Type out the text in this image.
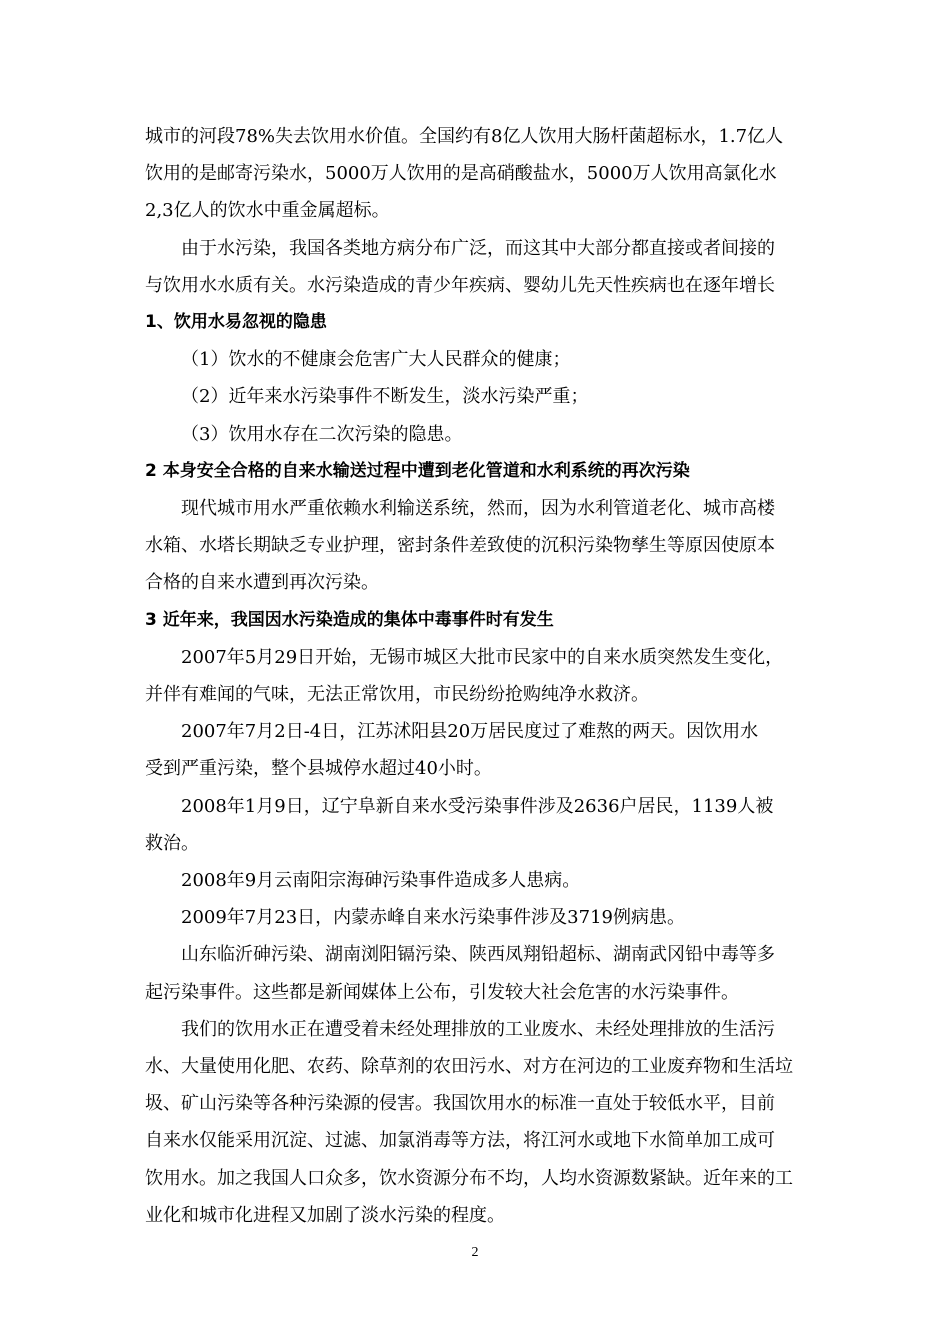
城市的河段78%失去饮用水价值。全国约有8亿人饮用大肠杆菌超标水，1.7亿人
饮用的是邮寄污染水，5000万人饮用的是高硝酸盐水，5000万人饮用高氯化水
2,3亿人的饮水中重金属超标。
由于水污染，我国各类地方病分布广泛，而这其中大部分都直接或者间接的
与饮用水水质有关。水污染造成的青少年疾病、婴幼儿先天性疾病也在逐年增长
1、饮用水易忽视的隐患
（1）饮水的不健康会危害广大人民群众的健康；
（2）近年来水污染事件不断发生，淡水污染严重；
（3）饮用水存在二次污染的隐患。
2 本身安全合格的自来水输送过程中遭到老化管道和水利系统的再次污染
现代城市用水严重依赖水利输送系统，然而，因为水利管道老化、城市高楼
水箱、水塔长期缺乏专业护理，密封条件差致使的沉积污染物孳生等原因使原本
合格的自来水遭到再次污染。
3 近年来，我国因水污染造成的集体中毒事件时有发生
2007年5月29日开始，无锡市城区大批市民家中的自来水质突然发生变化，
并伴有难闻的气味，无法正常饮用，市民纷纷抢购纯净水救济。
2007年7月2日-4日，江苏沭阳县20万居民度过了难熬的两天。因饮用水
受到严重污染，整个县城停水超过40小时。
2008年1月9日，辽宁阜新自来水受污染事件涉及2636户居民，1139人被
救治。
2008年9月云南阳宗海砷污染事件造成多人患病。
2009年7月23日，内蒙赤峰自来水污染事件涉及3719例病患。
山东临沂砷污染、湖南浏阳镉污染、陕西凤翔铅超标、湖南武冈铅中毒等多
起污染事件。这些都是新闻媒体上公布，引发较大社会危害的水污染事件。
我们的饮用水正在遭受着未经处理排放的工业废水、未经处理排放的生活污
水、大量使用化肥、农药、除草剂的农田污水、对方在河边的工业废弃物和生活垃
圾、矿山污染等各种污染源的侵害。我国饮用水的标准一直处于较低水平，目前
自来水仅能采用沉淀、过滤、加氯消毒等方法，将江河水或地下水简单加工成可
饮用水。加之我国人口众多，饮水资源分布不均，人均水资源数紧缺。近年来的工
业化和城市化进程又加剧了淡水污染的程度。
2
